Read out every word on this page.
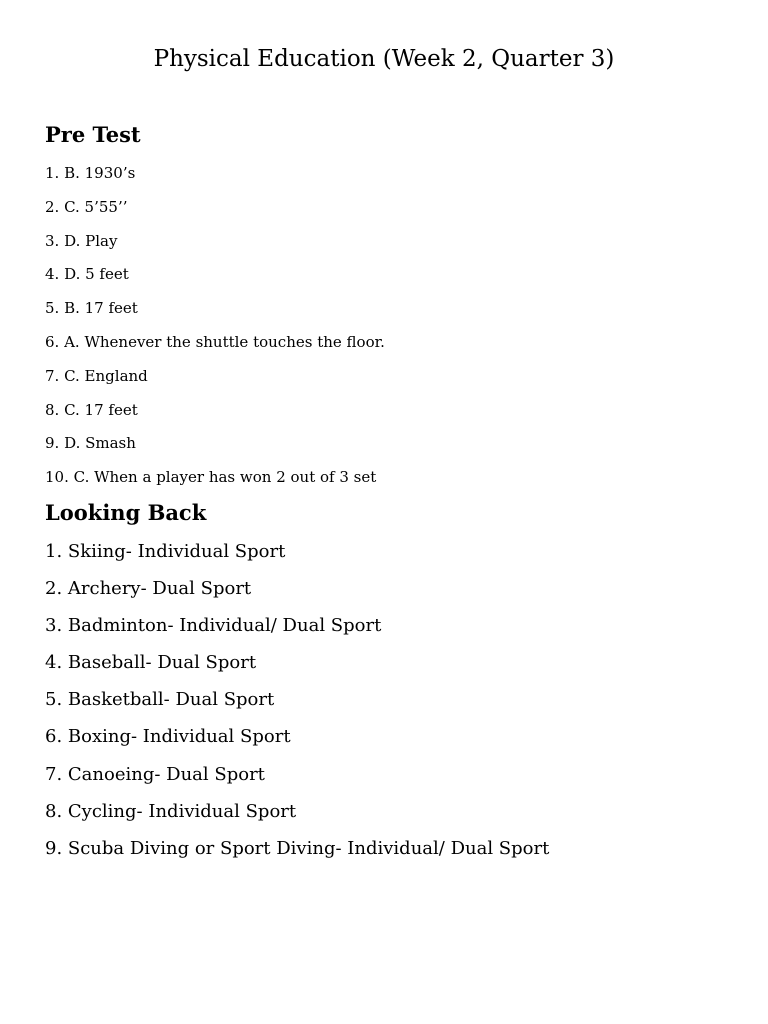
Physical Education (Week 2, Quarter 3)
Pre Test
1. B. 1930’s
2. C. 5’55’’
3. D. Play
4. D. 5 feet
5. B. 17 feet
6. A. Whenever the shuttle touches the floor.
7. C. England
8. C. 17 feet
9. D. Smash
10. C. When a player has won 2 out of 3 set
Looking Back
1. Skiing- Individual Sport
2. Archery- Dual Sport
3. Badminton- Individual/ Dual Sport
4. Baseball- Dual Sport
5. Basketball- Dual Sport
6. Boxing- Individual Sport
7. Canoeing- Dual Sport
8. Cycling- Individual Sport
9. Scuba Diving or Sport Diving- Individual/ Dual Sport
